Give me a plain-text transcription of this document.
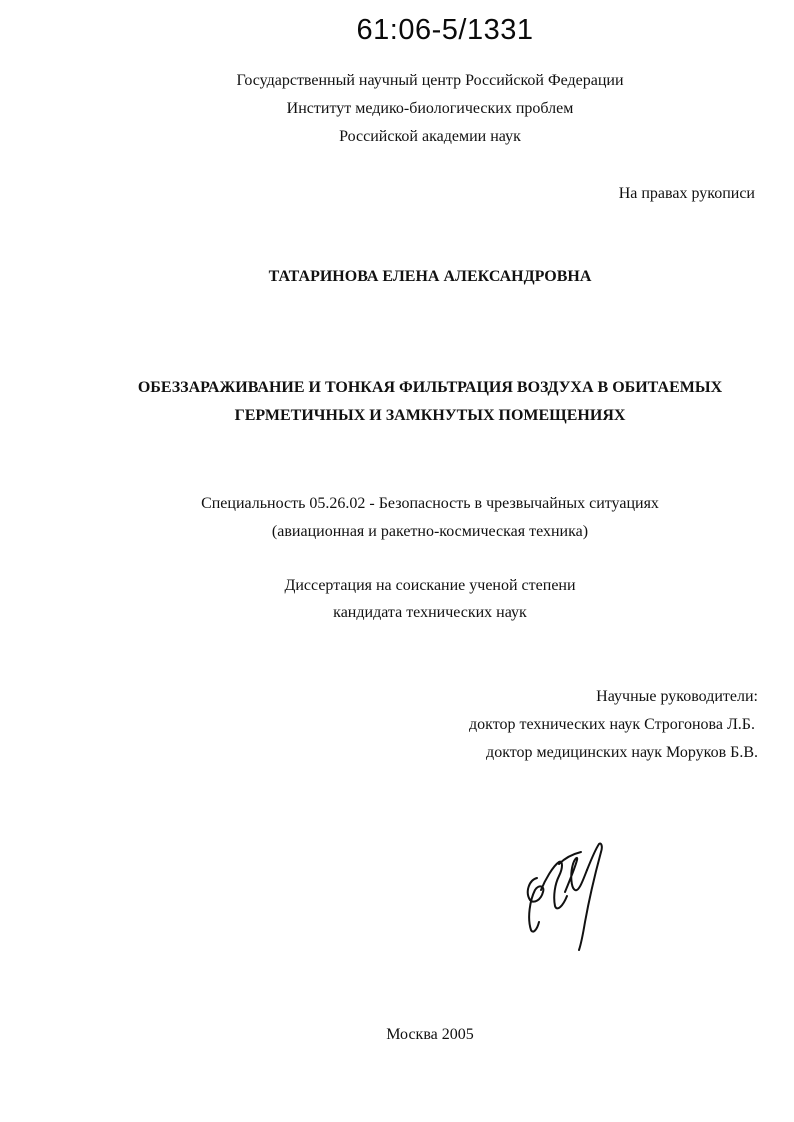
61:06-5/1331
Государственный научный центр Российской Федерации
Институт медико-биологических проблем
Российской академии наук
На правах рукописи
ТАТАРИНОВА ЕЛЕНА АЛЕКСАНДРОВНА
ОБЕЗЗАРАЖИВАНИЕ И ТОНКАЯ ФИЛЬТРАЦИЯ ВОЗДУХА В ОБИТАЕМЫХ
ГЕРМЕТИЧНЫХ И ЗАМКНУТЫХ ПОМЕЩЕНИЯХ
Специальность 05.26.02 - Безопасность в чрезвычайных ситуациях
(авиационная и ракетно-космическая техника)
Диссертация на соискание ученой степени
кандидата технических наук
Научные руководители:
доктор технических наук Строгонова Л.Б.
доктор медицинских наук Моруков Б.В.
Москва 2005
